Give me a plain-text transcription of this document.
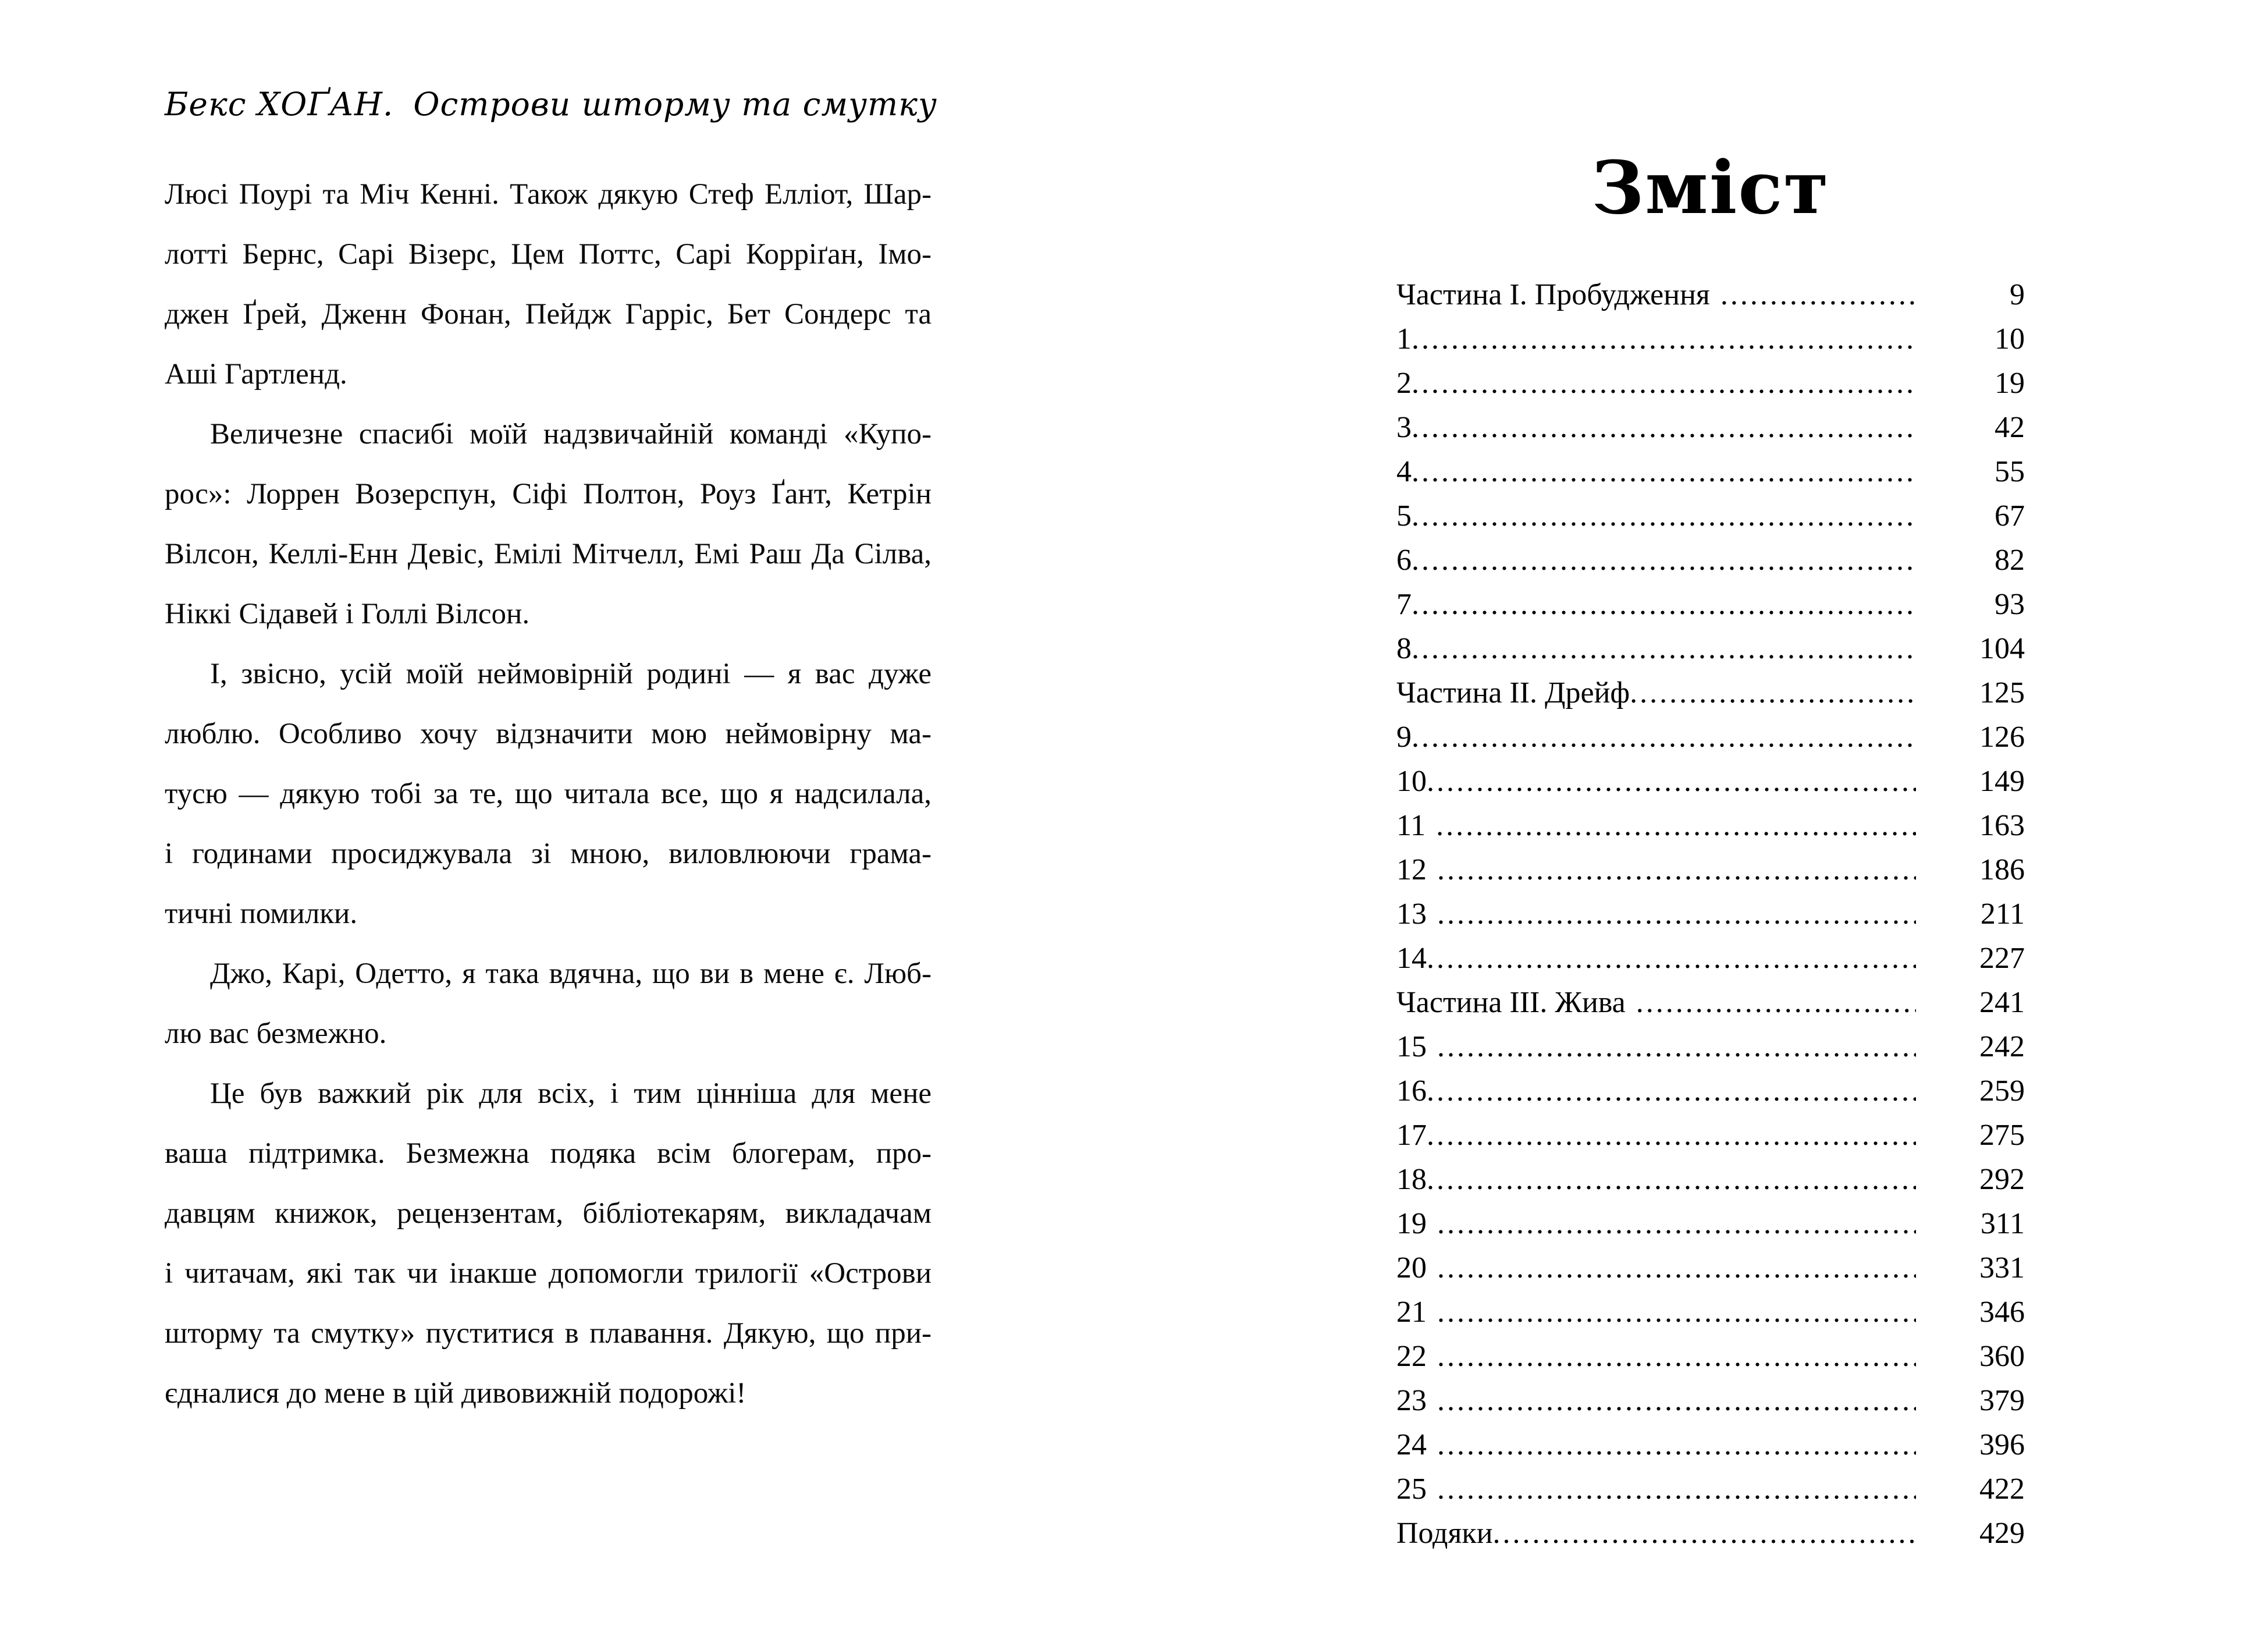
Бекс ХОҐАН. Острови шторму та смутку
Люсі Поурі та Міч Кенні. Також дякую Стеф Елліот, Шар-
лотті Бернс, Сарі Візерс, Цем Поттс, Сарі Корріґан, Імо-
джен Ґрей, Дженн Фонан, Пейдж Гарріс, Бет Сондерс та
Аші Гартленд.
Величезне спасибі моїй надзвичайній команді «Купо-
рос»: Лоррен Возерспун, Сіфі Полтон, Роуз Ґант, Кетрін
Вілсон, Келлі-Енн Девіс, Емілі Мітчелл, Емі Раш Да Сілва,
Ніккі Сідавей і Голлі Вілсон.
І, звісно, усій моїй неймовірній родині — я вас дуже
люблю. Особливо хочу відзначити мою неймовірну ма-
тусю — дякую тобі за те, що читала все, що я надсилала,
і годинами просиджувала зі мною, виловлюючи грама-
тичні помилки.
Джо, Карі, Одетто, я така вдячна, що ви в мене є. Люб-
лю вас безмежно.
Це був важкий рік для всіх, і тим цінніша для мене
ваша підтримка. Безмежна подяка всім блогерам, про-
давцям книжок, рецензентам, бібліотекарям, викладачам
і читачам, які так чи інакше допомогли трилогії «Острови
шторму та смутку» пуститися в плавання. Дякую, що при-
єдналися до мене в цій дивовижній подорожі!
Зміст
Частина I. Пробудження .....	9
1 .....	10
2 .....	19
3 .....	42
4 .....	55
5 .....	67
6 .....	82
7 .....	93
8 .....	104
Частина II. Дрейф .....	125
9 .....	126
10 .....	149
11 .....	163
12 .....	186
13 .....	211
14 .....	227
Частина III. Жива .....	241
15 .....	242
16 .....	259
17 .....	275
18 .....	292
19 .....	311
20 .....	331
21 .....	346
22 .....	360
23 .....	379
24 .....	396
25 .....	422
Подяки .....	429
